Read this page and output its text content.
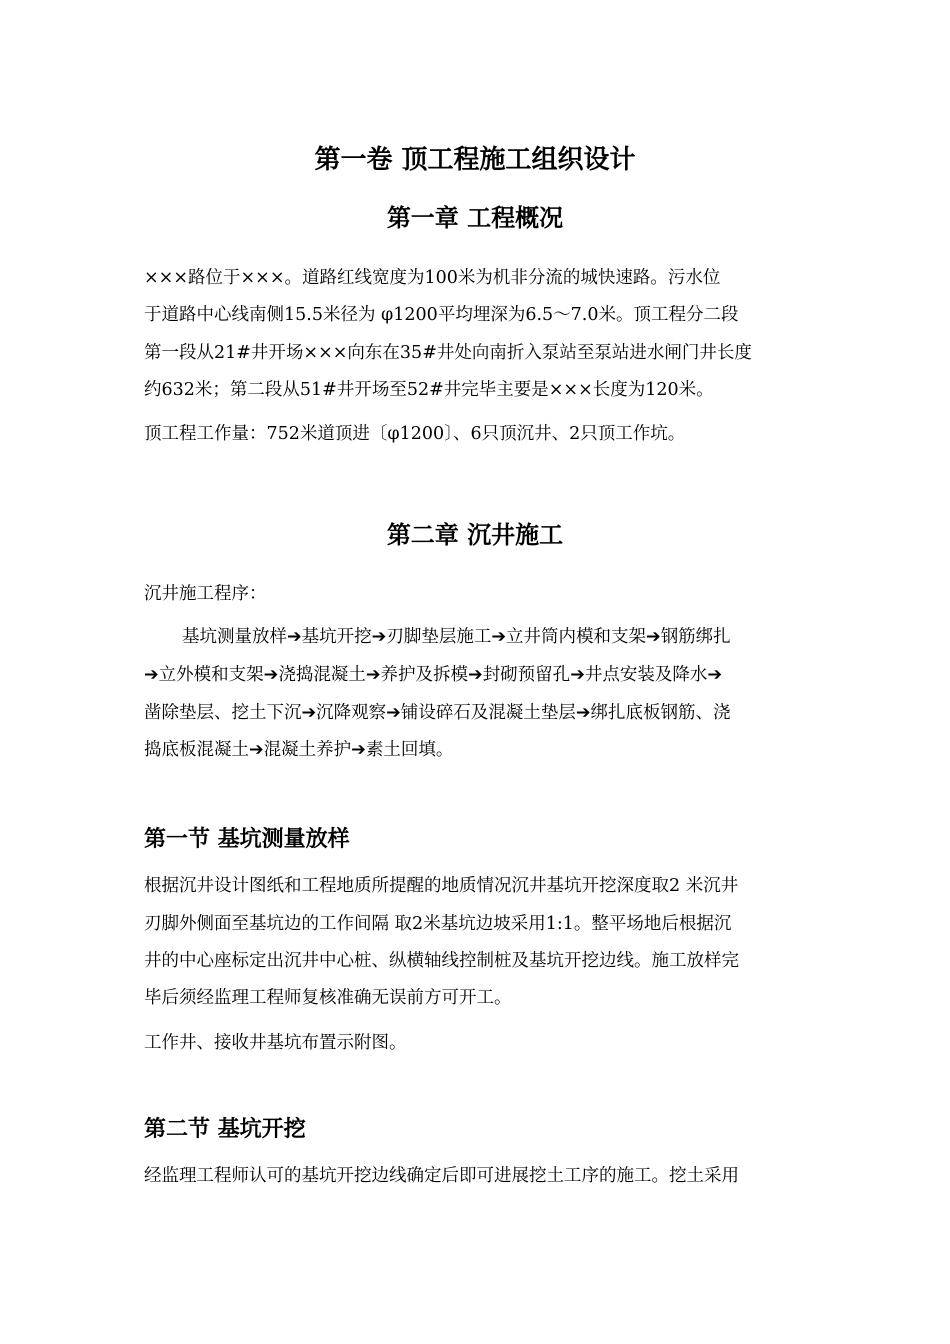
第一卷 顶工程施工组织设计
第一章 工程概况
×××路位于×××。道路红线宽度为100米为机非分流的城快速路。污水位
于道路中心线南侧15.5米径为 φ1200平均埋深为6.5～7.0米。顶工程分二段
第一段从21#井开场×××向东在35#井处向南折入泵站至泵站进水闸门井长度
约632米；第二段从51#井开场至52#井完毕主要是×××长度为120米。
顶工程工作量：752米道顶进〔φ1200〕、6只顶沉井、2只顶工作坑。
第二章 沉井施工
沉井施工程序：
基坑测量放样➔基坑开挖➔刃脚垫层施工➔立井筒内模和支架➔钢筋绑扎
➔立外模和支架➔浇捣混凝土➔养护及拆模➔封砌预留孔➔井点安装及降水➔
凿除垫层、挖土下沉➔沉降观察➔铺设碎石及混凝土垫层➔绑扎底板钢筋、浇
捣底板混凝土➔混凝土养护➔素土回填。
第一节 基坑测量放样
根据沉井设计图纸和工程地质所提醒的地质情况沉井基坑开挖深度取2 米沉井
刃脚外侧面至基坑边的工作间隔 取2米基坑边坡采用1:1。整平场地后根据沉
井的中心座标定出沉井中心桩、纵横轴线控制桩及基坑开挖边线。施工放样完
毕后须经监理工程师复核准确无误前方可开工。
工作井、接收井基坑布置示附图。
第二节 基坑开挖
经监理工程师认可的基坑开挖边线确定后即可进展挖土工序的施工。挖土采用
